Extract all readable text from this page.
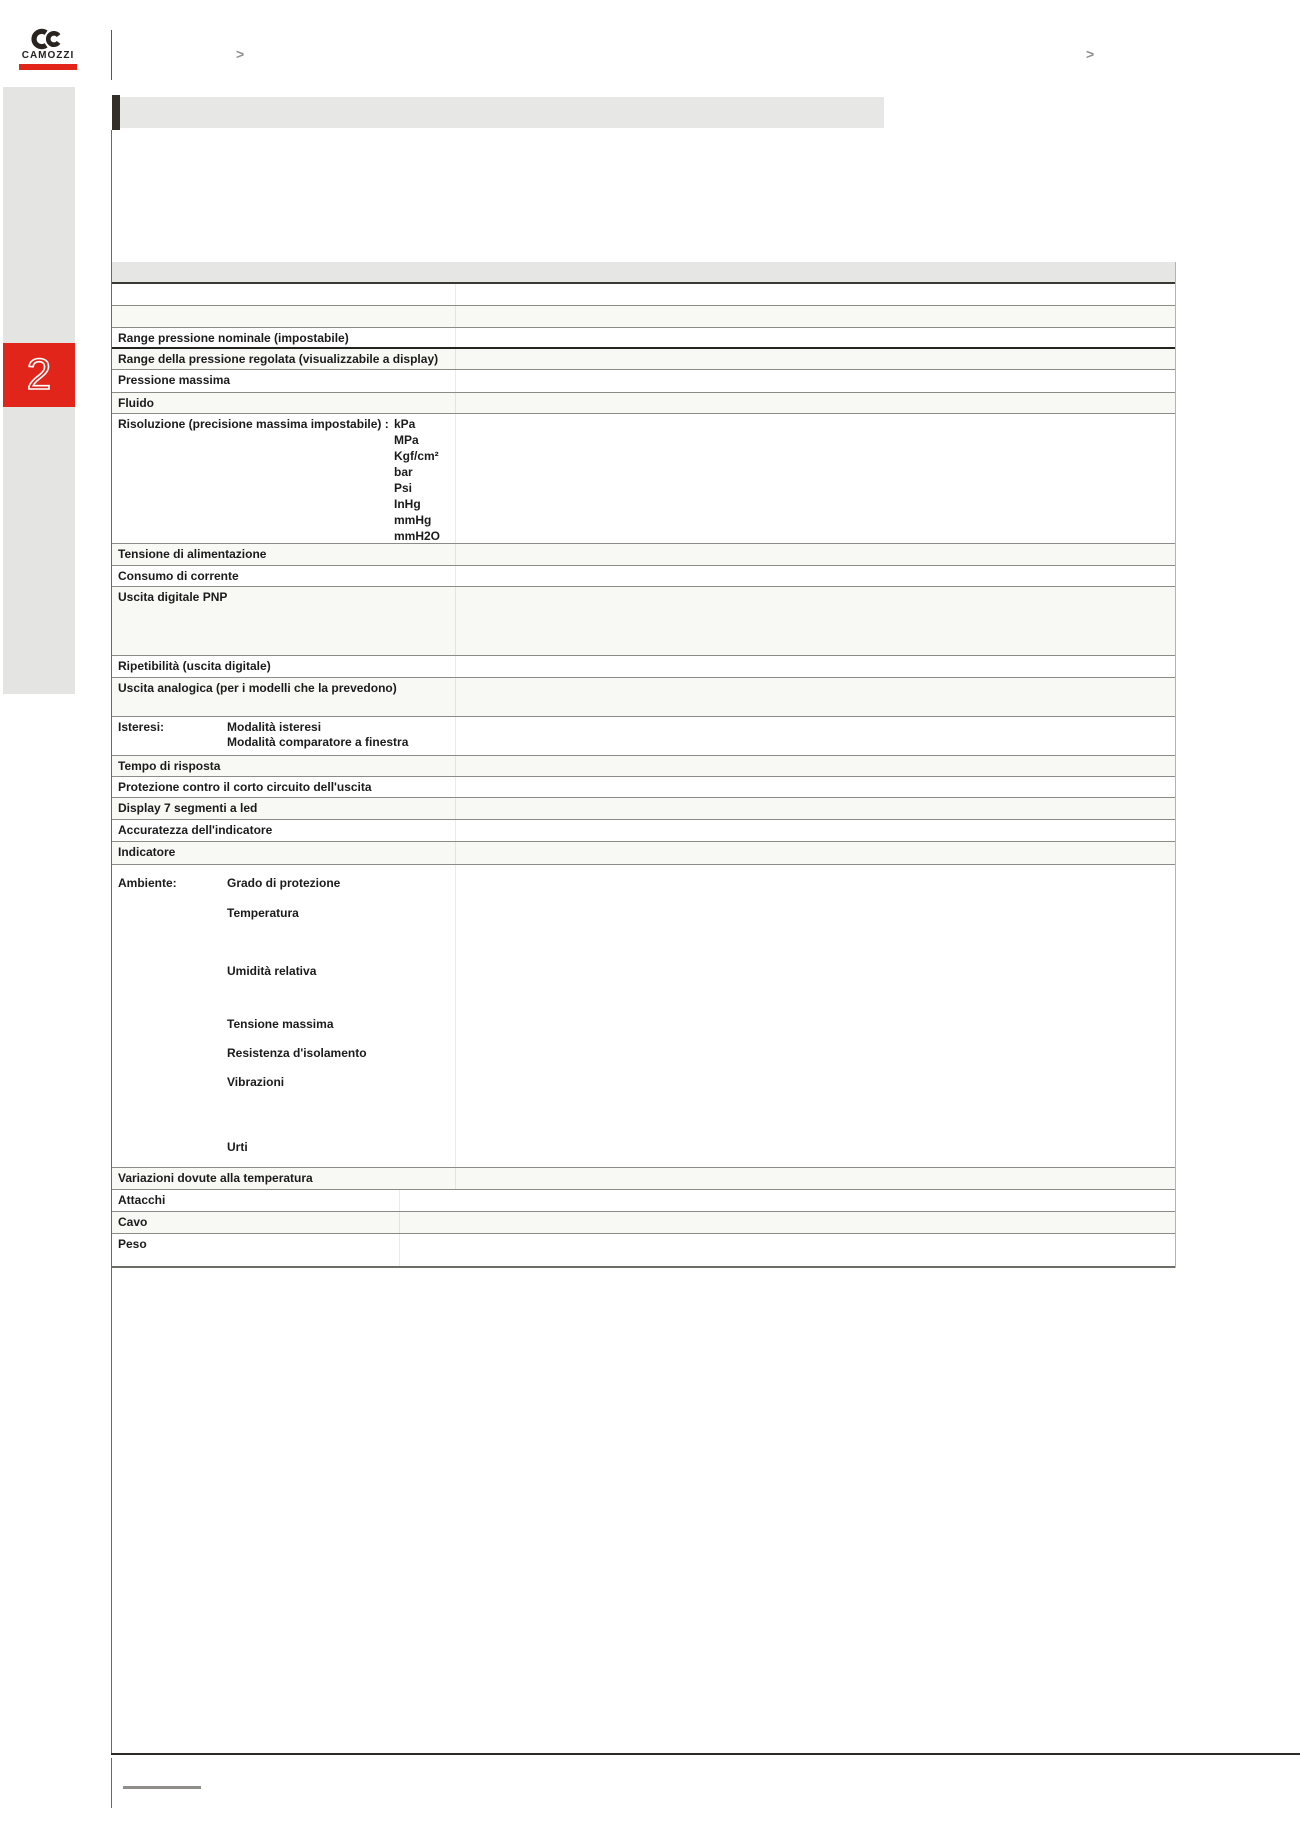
CAMOZZI	>	>
2
Range pressione nominale (impostabile)
Range della pressione regolata (visualizzabile a display)
Pressione massima
Fluido
Risoluzione (precisione massima impostabile) : kPa
MPa
Kgf/cm²
bar
Psi
InHg
mmHg
mmH2O
Tensione di alimentazione
Consumo di corrente
Uscita digitale PNP
Ripetibilità (uscita digitale)
Uscita analogica (per i modelli che la prevedono)
Isteresi:	Modalità isteresi
Modalità comparatore a finestra
Tempo di risposta
Protezione contro il corto circuito dell'uscita
Display 7 segmenti a led
Accuratezza dell'indicatore
Indicatore
Ambiente:	Grado di protezione
Temperatura
Umidità relativa
Tensione massima
Resistenza d'isolamento
Vibrazioni
Urti
Variazioni dovute alla temperatura
Attacchi
Cavo
Peso
